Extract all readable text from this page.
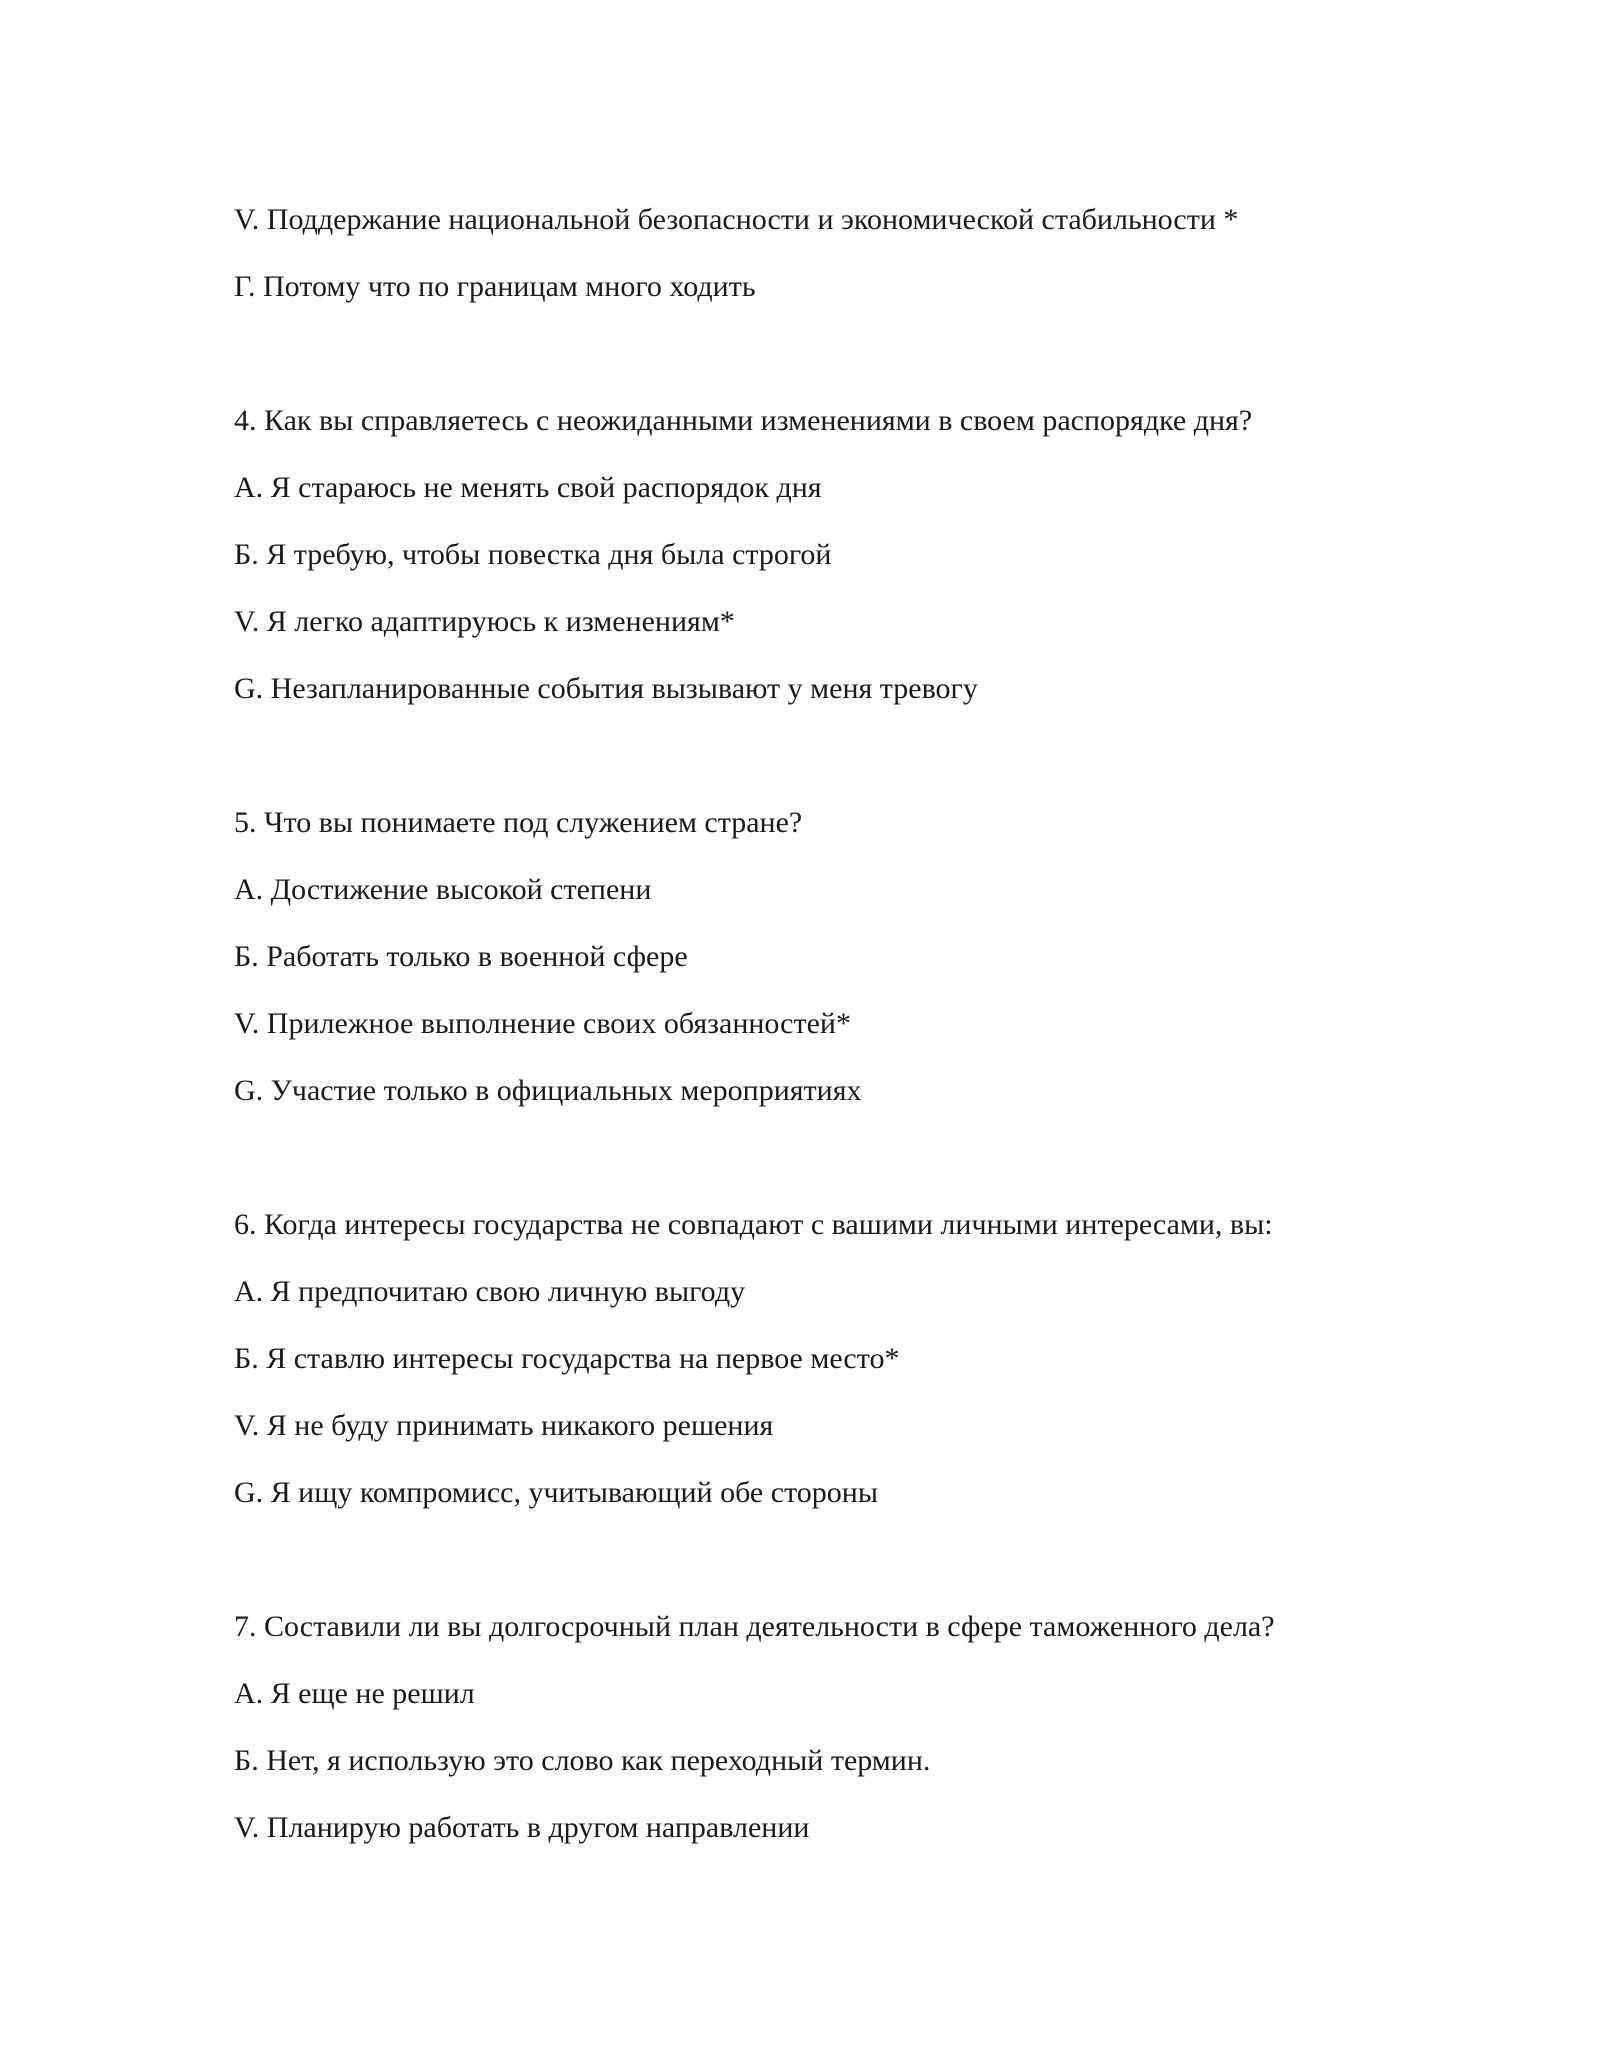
V. Поддержание национальной безопасности и экономической стабильности *
Г. Потому что по границам много ходить
4. Как вы справляетесь с неожиданными изменениями в своем распорядке дня?
A. Я стараюсь не менять свой распорядок дня
Б. Я требую, чтобы повестка дня была строгой
V. Я легко адаптируюсь к изменениям*
G. Незапланированные события вызывают у меня тревогу
5. Что вы понимаете под служением стране?
A. Достижение высокой степени
Б. Работать только в военной сфере
V. Прилежное выполнение своих обязанностей*
G. Участие только в официальных мероприятиях
6. Когда интересы государства не совпадают с вашими личными интересами, вы:
A. Я предпочитаю свою личную выгоду
Б. Я ставлю интересы государства на первое место*
V. Я не буду принимать никакого решения
G. Я ищу компромисс, учитывающий обе стороны
7. Составили ли вы долгосрочный план деятельности в сфере таможенного дела?
A. Я еще не решил
Б. Нет, я использую это слово как переходный термин.
V. Планирую работать в другом направлении
